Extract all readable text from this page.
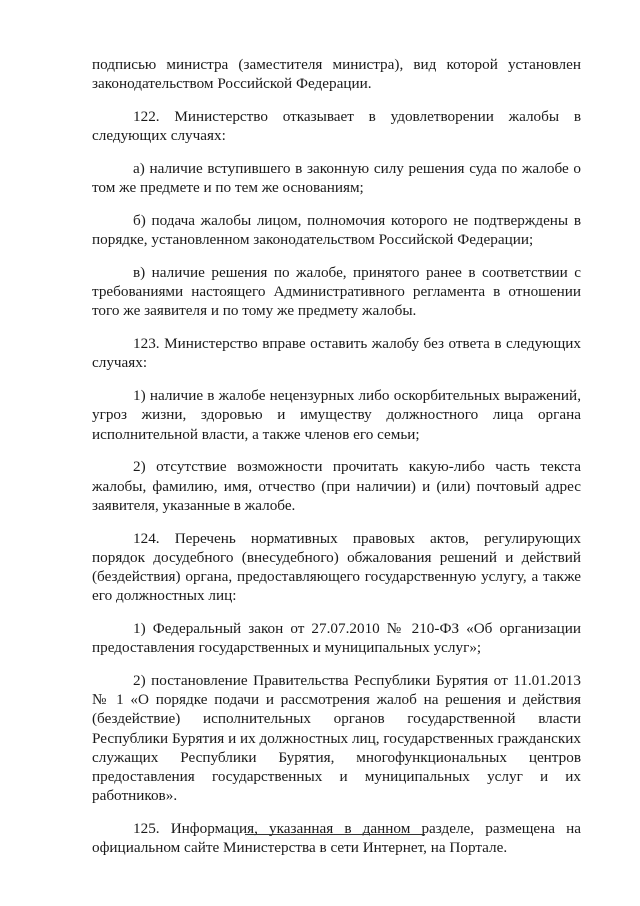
подписью министра (заместителя министра), вид которой установлен законодательством Российской Федерации.

122. Министерство отказывает в удовлетворении жалобы в следующих случаях:

а) наличие вступившего в законную силу решения суда по жалобе о том же предмете и по тем же основаниям;

б) подача жалобы лицом, полномочия которого не подтверждены в порядке, установленном законодательством Российской Федерации;

в) наличие решения по жалобе, принятого ранее в соответствии с требованиями настоящего Административного регламента в отношении того же заявителя и по тому же предмету жалобы.

123. Министерство вправе оставить жалобу без ответа в следующих случаях:

1) наличие в жалобе нецензурных либо оскорбительных выражений, угроз жизни, здоровью и имуществу должностного лица органа исполнительной власти, а также членов его семьи;

2) отсутствие возможности прочитать какую-либо часть текста жалобы, фамилию, имя, отчество (при наличии) и (или) почтовый адрес заявителя, указанные в жалобе.

124. Перечень нормативных правовых актов, регулирующих порядок досудебного (внесудебного) обжалования решений и действий (бездействия) органа, предоставляющего государственную услугу, а также его должностных лиц:

1) Федеральный закон от 27.07.2010 № 210-ФЗ «Об организации предоставления государственных и муниципальных услуг»;

2) постановление Правительства Республики Бурятия от 11.01.2013 № 1 «О порядке подачи и рассмотрения жалоб на решения и действия (бездействие) исполнительных органов государственной власти Республики Бурятия и их должностных лиц, государственных гражданских служащих Республики Бурятия, многофункциональных центров предоставления государственных и муниципальных услуг и их работников».

125. Информация, указанная в данном разделе, размещена на официальном сайте Министерства в сети Интернет, на Портале.
